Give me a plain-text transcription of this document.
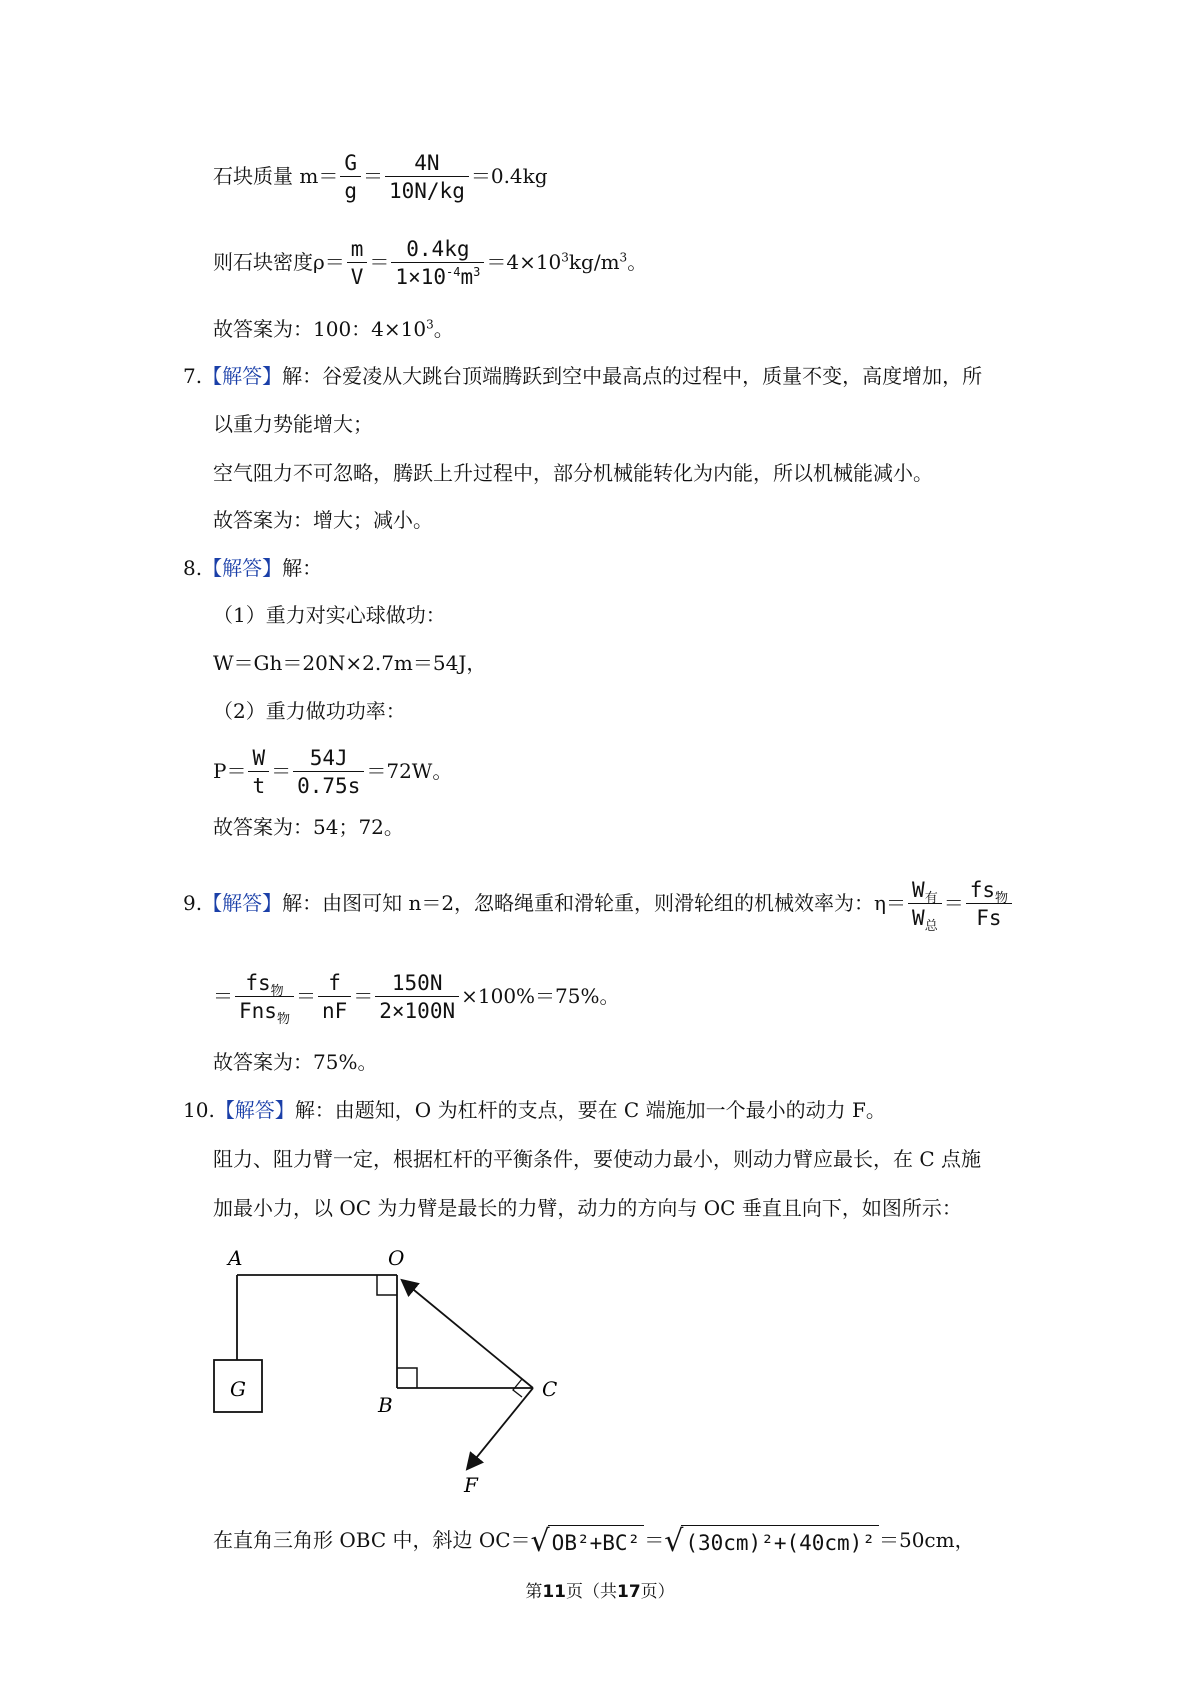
石块质量 $m= \frac{G}{g} = \frac{4N}{10N/kg} =0.4kg$
则石块密度$\rho= \frac{m}{V} = \frac{0.4kg}{1\times 10^{-4}m^3} =4\times 10^3kg/m^3$。
故答案为：100：$4\times 10^3$。
7.【解答】解：谷爱凌从大跳台顶端腾跃到空中最高点的过程中，质量不变，高度增加，所
以重力势能增大；
空气阻力不可忽略，腾跃上升过程中，部分机械能转化为内能，所以机械能减小。
故答案为：增大；减小。
8.【解答】解：
（1）重力对实心球做功：
W＝Gh＝20N×2.7m＝54J，
（2）重力做功功率：
$P= \frac{W}{t} = \frac{54J}{0.75s} =72W$。
故答案为：54；72。
9.【解答】解：由图可知 n＝2，忽略绳重和滑轮重，则滑轮组的机械效率为：$\eta= \frac{W_有}{W_总} = \frac{fs_物}{Fs}$
＝ $\frac{fs_物}{Fns_物} = \frac{f}{nF} = \frac{150N}{2\times 100N} \times 100\%=75\%$。
故答案为：75%。
10.【解答】解：由题知，O 为杠杆的支点，要在 C 端施加一个最小的动力 F。
阻力、阻力臂一定，根据杠杆的平衡条件，要使动力最小，则动力臂应最长，在 C 点施
加最小力，以 OC 为力臂是最长的力臂，动力的方向与 OC 垂直且向下，如图所示：
A	O
G
B
C
F
在直角三角形 OBC 中，斜边 OC＝√OB²+BC² ＝√(30cm)²+(40cm)² ＝50cm，
第11页（共17页）
